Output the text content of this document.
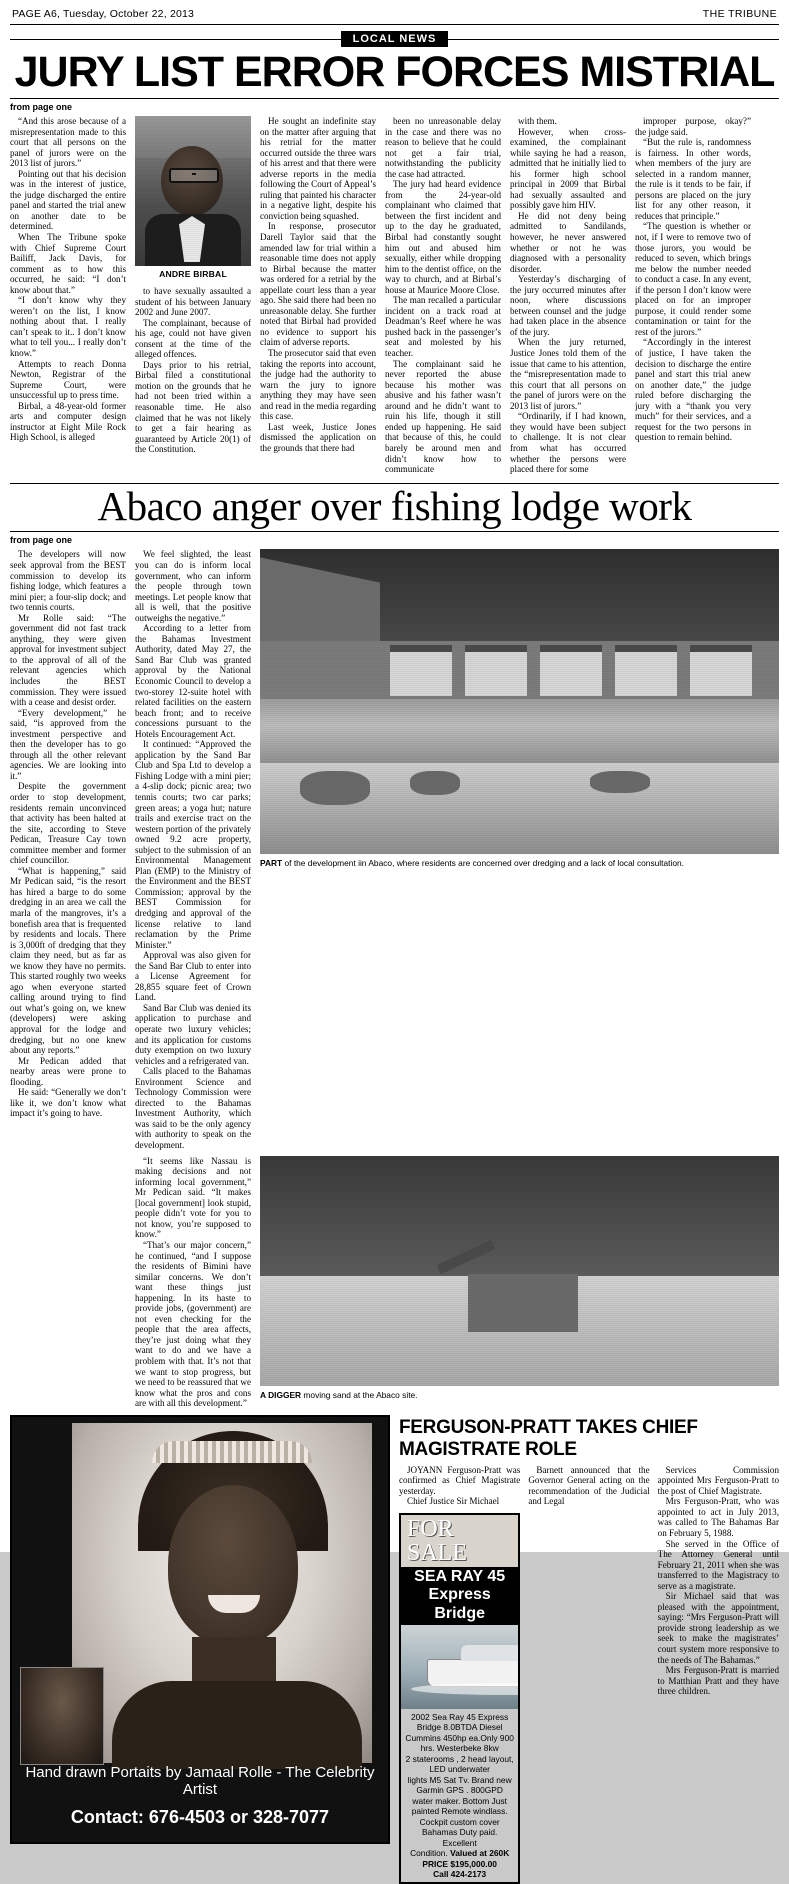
PAGE A6, Tuesday, October 22, 2013	THE TRIBUNE
LOCAL NEWS
JURY LIST ERROR FORCES MISTRIAL
from page one

“And this arose because of a misrepresentation made to this court that all persons on the panel of jurors were on the 2013 list of jurors.”

Pointing out that his decision was in the interest of justice, the judge discharged the entire panel and started the trial anew on another date to be determined.

When The Tribune spoke with Chief Supreme Court Bailiff, Jack Davis, for comment as to how this occurred, he said: “I don’t know about that.”

“I don’t know why they weren’t on the list, I know nothing about that. I really can’t speak to it.. I don’t know what to tell you... I really don’t know.”

Attempts to reach Donna Newton, Registrar of the Supreme Court, were unsuccessful up to press time.

Birbal, a 48-year-old former arts and computer design instructor at Eight Mile Rock High School, is alleged

ANDRE BIRBAL

to have sexually assaulted a student of his between January 2002 and June 2007.

The complainant, because of his age, could not have given consent at the time of the alleged offences.

Days prior to his retrial, Birbal filed a constitutional motion on the grounds that he had not been tried within a reasonable time. He also claimed that he was not likely to get a fair hearing as guaranteed by Article 20(1) of the Constitution.

He sought an indefinite stay on the matter after arguing that his retrial for the matter occurred outside the three wars of his arrest and that there were adverse reports in the media following the Court of Appeal’s ruling that painted his character in a negative light, despite his conviction being squashed.

In response, prosecutor Darell Taylor said that the amended law for trial within a reasonable time does not apply to Birbal because the matter was ordered for a retrial by the appellate court less than a year ago. She said there had been no unreasonable delay. She further noted that Birbal had provided no evidence to support his claim of adverse reports.

The prosecutor said that even taking the reports into account, the judge had the authority to warn the jury to ignore anything they may have seen and read in the media regarding this case.

Last week, Justice Jones dismissed the application on the grounds that there had

been no unreasonable delay in the case and there was no reason to believe that he could not get a fair trial, notwithstanding the publicity the case had attracted.

The jury had heard evidence from the 24-year-old complainant who claimed that between the first incident and up to the day he graduated, Birbal had constantly sought him out and abused him sexually, either while dropping him to the dentist office, on the way to church, and at Birbal’s house at Maurice Moore Close.

The man recalled a particular incident on a track road at Deadman’s Reef where he was pushed back in the passenger’s seat and molested by his teacher.

The complainant said he never reported the abuse because his mother was abusive and his father wasn’t around and he didn’t want to ruin his life, though it still ended up happening. He said that because of this, he could barely be around men and didn’t know how to communicate

with them.

However, when cross-examined, the complainant while saying he had a reason, admitted that he initially lied to his former high school principal in 2009 that Birbal had sexually assaulted and possibly gave him HIV.

He did not deny being admitted to Sandilands, however, he never answered whether or not he was diagnosed with a personality disorder.

Yesterday’s discharging of the jury occurred minutes after noon, where discussions between counsel and the judge had taken place in the absence of the jury.

When the jury returned, Justice Jones told them of the issue that came to his attention, the “misrepresentation made to this court that all persons on the panel of jurors were on the 2013 list of jurors.”

“Ordinarily, if I had known, they would have been subject to challenge. It is not clear from what has occurred whether the persons were placed there for some

improper purpose, okay?” the judge said.

“But the rule is, randomness is fairness. In other words, when members of the jury are selected in a random manner, the rule is it tends to be fair, if persons are placed on the jury list for any other reason, it reduces that principle.”

“The question is whether or not, if I were to remove two of those jurors, you would be reduced to seven, which brings me below the number needed to conduct a case. In any event, if the person I don’t know were placed on for an improper purpose, it could render some contamination or taint for the rest of the jurors.”

“Accordingly in the interest of justice, I have taken the decision to discharge the entire panel and start this trial anew on another date,” the judge ruled before discharging the jury with a “thank you very much” for their services, and a request for the two persons in question to remain behind.

Abaco anger over fishing lodge work
from page one

The developers will now seek approval from the BEST commission to develop its fishing lodge, which features a mini pier; a four-slip dock; and two tennis courts.

Mr Rolle said: “The government did not fast track anything, they were given approval for investment subject to the approval of all of the relevant agencies which includes the BEST commission. They were issued with a cease and desist order.

“Every development,” he said, “is approved from the investment perspective and then the developer has to go through all the other relevant agencies. We are looking into it.”

Despite the government order to stop development, residents remain unconvinced that activity has been halted at the site, according to Steve Pedican, Treasure Cay town committee member and former chief councillor.

“What is happening,” said Mr Pedican said, “is the resort has hired a barge to do some dredging in an area we call the marla of the mangroves, it’s a bonefish area that is frequented by residents and locals. There is 3,000ft of dredging that they claim they need, but as far as we know they have no permits. This started roughly two weeks ago when everyone started calling around trying to find out what’s going on, we knew (developers) were asking approval for the lodge and dredging, but no one knew about any reports.”

Mr Pedican added that nearby areas were prone to flooding.

He said: “Generally we don’t like it, we don’t know what impact it’s going to have.

We feel slighted, the least you can do is inform local government, who can inform the people through town meetings. Let people know that all is well, that the positive outweighs the negative.”

According to a letter from the Bahamas Investment Authority, dated May 27, the Sand Bar Club was granted approval by the National Economic Council to develop a two-storey 12-suite hotel with related facilities on the eastern beach front; and to receive concessions pursuant to the Hotels Encouragement Act.

It continued: “Approved the application by the Sand Bar Club and Spa Ltd to develop a Fishing Lodge with a mini pier; a 4-slip dock; picnic area; two tennis courts; two car parks; green areas; a yoga hut; nature trails and exercise tract on the western portion of the privately owned 9.2 acre property, subject to the submission of an Environmental Management Plan (EMP) to the Ministry of the Environment and the BEST Commission; approval by the BEST Commission for dredging and approval of the license relative to land reclamation by the Prime Minister.”

Approval was also given for the Sand Bar Club to enter into a License Agreement for 28,855 square feet of Crown Land.

Sand Bar Club was denied its application to purchase and operate two luxury vehicles; and its application for customs duty exemption on two luxury vehicles and a refrigerated van.

Calls placed to the Bahamas Environment Science and Technology Commission were directed to the Bahamas Investment Authority, which was said to be the only agency with authority to speak on the development.

PART of the development iin Abaco, where residents are concerned over dredging and a lack of local consultation.

“It seems like Nassau is making decisions and not informing local government,” Mr Pedican said. “It makes [local government] look stupid, people didn’t vote for you to not know, you’re supposed to know.”

“That’s our major concern,” he continued, “and I suppose the residents of Bimini have similar concerns. We don’t want these things just happening. In its haste to provide jobs, (government) are not even checking for the people that the area affects, they’re just doing what they want to do and we have a problem with that. It’s not that we want to stop progress, but we need to be reassured that we know what the pros and cons are with all this development.”

A DIGGER moving sand at the Abaco site.
Hand drawn Portaits by Jamaal Rolle - The Celebrity Artist
Contact: 676-4503 or 328-7077
FERGUSON-PRATT TAKES CHIEF MAGISTRATE ROLE

JOYANN Ferguson-Pratt was confirmed as Chief Magistrate yesterday.

Chief Justice Sir Michael

FOR SALE
SEA RAY 45 Express Bridge
2002 Sea Ray 45 Express Bridge 8.0BTDA Diesel
Cummins 450hp ea.Only 900 hrs. Westerbeke 8kw
2 staterooms , 2 head layout, LED underwater
lights M5 Sat Tv. Brand new Garmin GPS . 800GPD
water maker. Bottom Just painted Remote windlass.
Cockpit custom cover Bahamas Duty paid. Excellent
Condition. Valued at 260K PRICE $195,000.00
Call 424-2173

Barnett announced that the Governor General acting on the recommendation of the Judicial and Legal

Services Commission appointed Mrs Ferguson-Pratt to the post of Chief Magistrate.

Mrs Ferguson-Pratt, who was appointed to act in July 2013, was called to The Bahamas Bar on February 5, 1988.

She served in the Office of The Attorney General until February 21, 2011 when she was transferred to the Magistracy to serve as a magistrate.

Sir Michael said that was pleased with the appointment, saying: “Mrs Ferguson-Pratt will provide strong leadership as we seek to make the magistrates’ court system more responsive to the needs of The Bahamas.”

Mrs Ferguson-Pratt is married to Matthian Pratt and they have three children.
